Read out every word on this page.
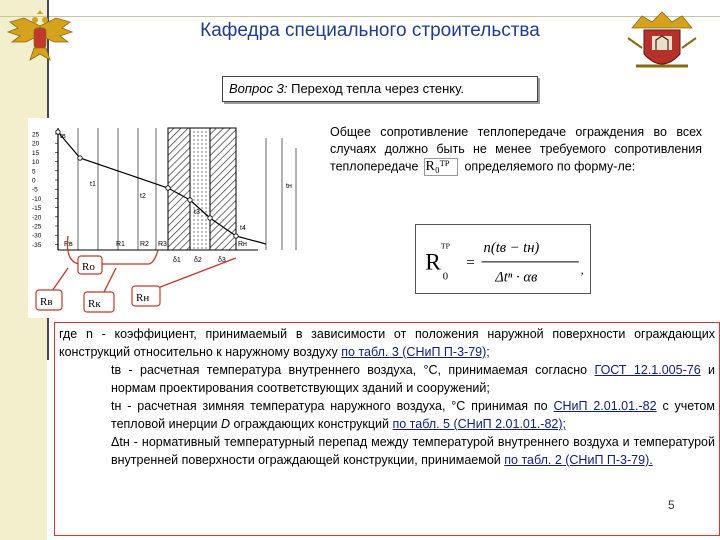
Кафедра специального строительства
Вопрос 3: Переход тепла через стенку.
25
20
15
10
5
0
-5
-10
-15
-20
-25
-30
-35
tв
tн
t1
t2
t3
t4
δ1 δ2 δ3
Rв	R1 R2 R3	Rн
Ro
Rв	Rк	Rн
Общее сопротивление теплопередаче ограждения во всех случаях должно быть не менее требуемого сопротивления теплопередаче R₀ᵀᴾ определяемого по форму-ле:
R
ТР
0
=
n(tв − tн)
Δtⁿ · αв	,

где n - коэффициент, принимаемый в зависимости от положения наружной поверхности ограждающих конструкций относительно к наружному воздуху по табл. 3 (СНиП П-3-79);

tв - расчетная температура внутреннего воздуха, °С, принимаемая согласно ГОСТ 12.1.005-76 и нормам проектирования соответствующих зданий и сооружений;

tн - расчетная зимняя температура наружного воздуха, °С принимая по СНиП 2.01.01.-82 с учетом тепловой инерции D ограждающих конструкций по табл. 5 (СНиП 2.01.01.-82);

Δtн - нормативный температурный перепад между температурой внутреннего воздуха и температурой внутренней поверхности ограждающей конструкции, принимаемой по табл. 2 (СНиП П-3-79).

5
